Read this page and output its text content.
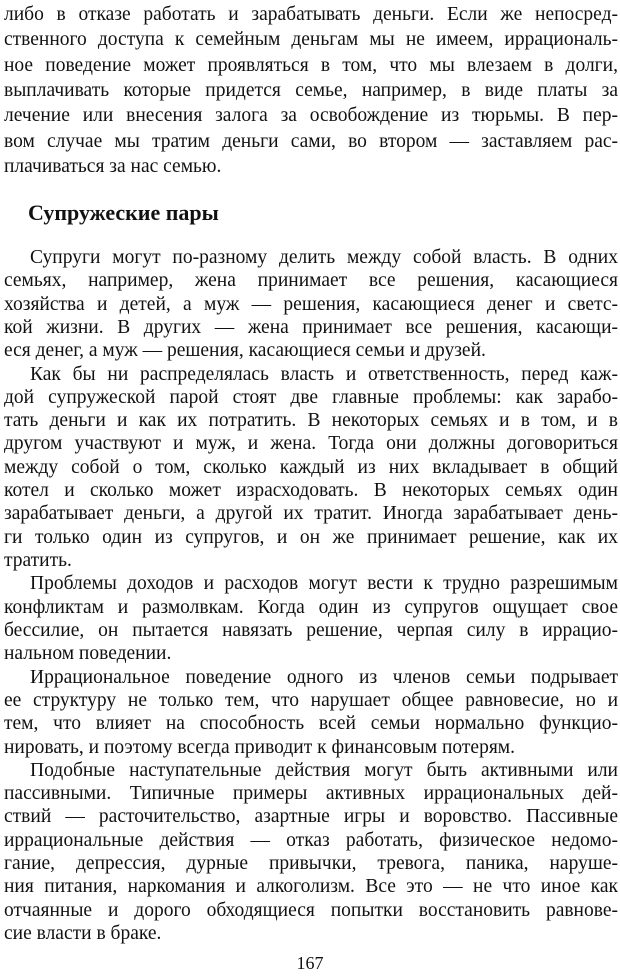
либо в отказе работать и зарабатывать деньги. Если же непосред-
ственного доступа к семейным деньгам мы не имеем, иррациональ-
ное поведение может проявляться в том, что мы влезаем в долги,
выплачивать которые придется семье, например, в виде платы за
лечение или внесения залога за освобождение из тюрьмы. В пер-
вом случае мы тратим деньги сами, во втором — заставляем рас-
плачиваться за нас семью.
Супружеские пары
Супруги могут по-разному делить между собой власть. В одних
семьях, например, жена принимает все решения, касающиеся
хозяйства и детей, а муж — решения, касающиеся денег и светс-
кой жизни. В других — жена принимает все решения, касающи-
еся денег, а муж — решения, касающиеся семьи и друзей.
Как бы ни распределялась власть и ответственность, перед каж-
дой супружеской парой стоят две главные проблемы: как зарабо-
тать деньги и как их потратить. В некоторых семьях и в том, и в
другом участвуют и муж, и жена. Тогда они должны договориться
между собой о том, сколько каждый из них вкладывает в общий
котел и сколько может израсходовать. В некоторых семьях один
зарабатывает деньги, а другой их тратит. Иногда зарабатывает день-
ги только один из супругов, и он же принимает решение, как их
тратить.
Проблемы доходов и расходов могут вести к трудно разрешимым
конфликтам и размолвкам. Когда один из супругов ощущает свое
бессилие, он пытается навязать решение, черпая силу в иррацио-
нальном поведении.
Иррациональное поведение одного из членов семьи подрывает
ее структуру не только тем, что нарушает общее равновесие, но и
тем, что влияет на способность всей семьи нормально функцио-
нировать, и поэтому всегда приводит к финансовым потерям.
Подобные наступательные действия могут быть активными или
пассивными. Типичные примеры активных иррациональных дей-
ствий — расточительство, азартные игры и воровство. Пассивные
иррациональные действия — отказ работать, физическое недомо-
гание, депрессия, дурные привычки, тревога, паника, наруше-
ния питания, наркомания и алкоголизм. Все это — не что иное как
отчаянные и дорого обходящиеся попытки восстановить равнове-
сие власти в браке.
167
